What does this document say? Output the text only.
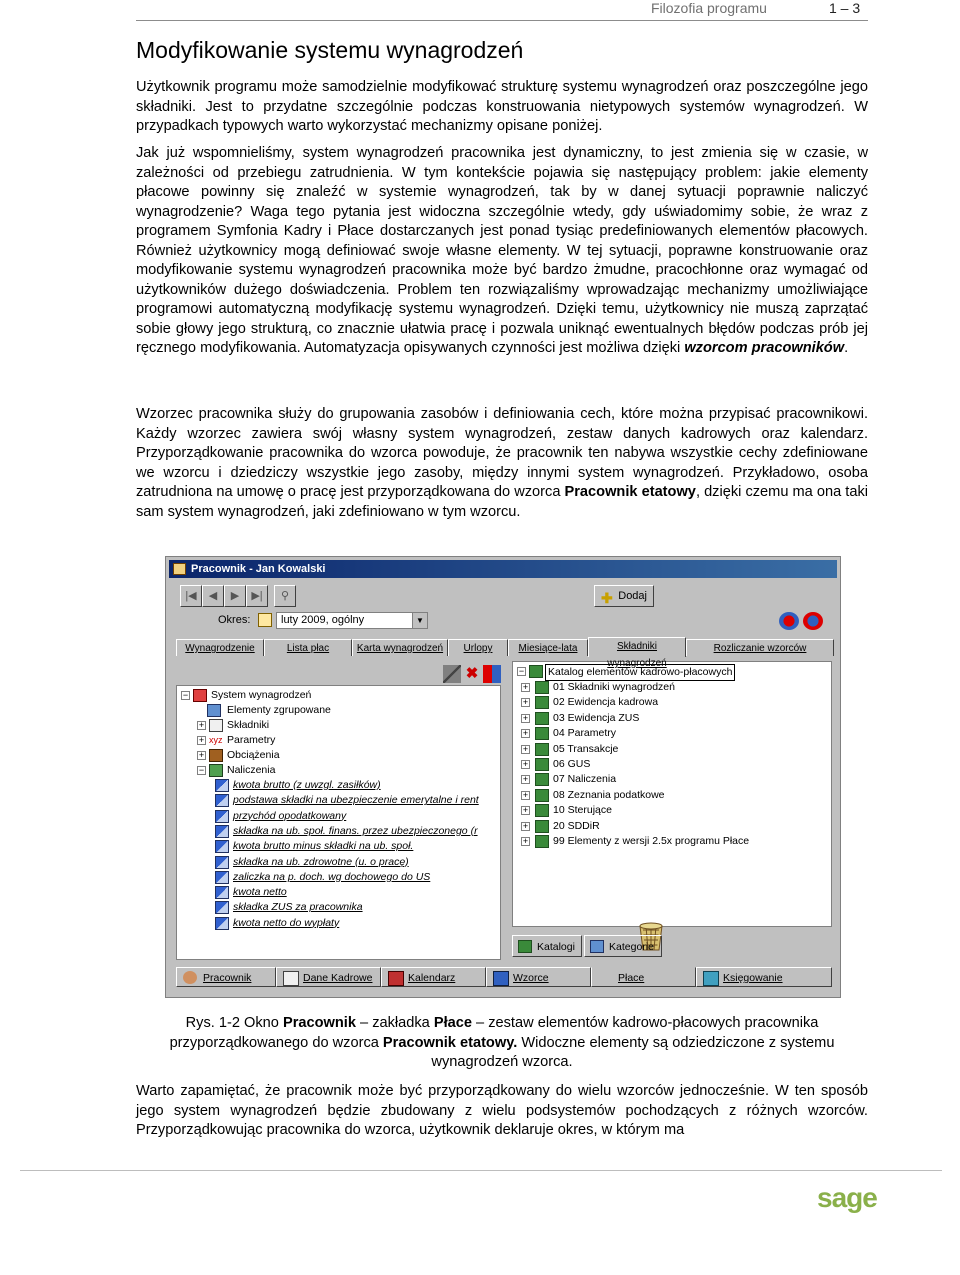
Filozofia programu	1 – 3
Modyfikowanie systemu wynagrodzeń

Użytkownik programu może samodzielnie modyfikować strukturę systemu wynagrodzeń oraz poszczególne jego składniki. Jest to przydatne szczególnie podczas konstruowania nietypowych systemów wynagrodzeń. W przypadkach typowych warto wykorzystać mechanizmy opisane poniżej.

Jak już wspomnieliśmy, system wynagrodzeń pracownika jest dynamiczny, to jest zmienia się w czasie, w zależności od przebiegu zatrudnienia. W tym kontekście pojawia się następujący problem: jakie elementy płacowe powinny się znaleźć w systemie wynagrodzeń, tak by w danej sytuacji poprawnie naliczyć wynagrodzenie? Waga tego pytania jest widoczna szczególnie wtedy, gdy uświadomimy sobie, że wraz z programem Symfonia Kadry i Płace dostarczanych jest ponad tysiąc predefiniowanych elementów płacowych. Również użytkownicy mogą definiować swoje własne elementy. W tej sytuacji, poprawne konstruowanie oraz modyfikowanie systemu wynagrodzeń pracownika może być bardzo żmudne, pracochłonne oraz wymagać od użytkowników dużego doświadczenia. Problem ten rozwiązaliśmy wprowadzając mechanizmy umożliwiające programowi automatyczną modyfikację systemu wynagrodzeń. Dzięki temu, użytkownicy nie muszą zaprzątać sobie głowy jego strukturą, co znacznie ułatwia pracę i pozwala uniknąć ewentualnych błędów podczas prób jej ręcznego modyfikowania. Automatyzacja opisywanych czynności jest możliwa dzięki wzorcom pracowników.

Wzorzec pracownika służy do grupowania zasobów i definiowania cech, które można przypisać pracownikowi. Każdy wzorzec zawiera swój własny system wynagrodzeń, zestaw danych kadrowych oraz kalendarz. Przyporządkowanie pracownika do wzorca powoduje, że pracownik ten nabywa wszystkie cechy zdefiniowane we wzorcu i dziedziczy wszystkie jego zasoby, między innymi system wynagrodzeń. Przykładowo, osoba zatrudniona na umowę o pracę jest przyporządkowana do wzorca Pracownik etatowy, dzięki czemu ma ona taki sam system wynagrodzeń, jaki zdefiniowano w tym wzorcu.

Pracownik - Jan Kowalski
|◀	◀	▶	▶|	⚲	✚ Dodaj
Okres:	luty 2009, ogólny	▼
Wynagrodzenie	Lista płac	Karta wynagrodzeń	Urlopy	Miesiące-lata	Składniki wynagrodzeń
Rozliczanie wzorców
✖
− System wynagrodzeń
Elementy zgrupowane
+ Składniki
+ xyz Parametry
+ Obciążenia
− Naliczenia
kwota brutto (z uwzgl. zasiłków)
podstawa składki na ubezpieczenie emerytalne i rent
przychód opodatkowany
składka na ub. społ. finans. przez ubezpieczonego (r
kwota brutto minus składki na ub. społ.
składka na ub. zdrowotne (u. o pracę)
zaliczka na p. doch. wg dochowego do US
kwota netto
składka ZUS za pracownika
kwota netto do wypłaty
− Katalog elementów kadrowo-płacowych
+ 01 Składniki wynagrodzeń
+ 02 Ewidencja kadrowa
+ 03 Ewidencja ZUS
+ 04 Parametry
+ 05 Transakcje
+ 06 GUS
+ 07 Naliczenia
+ 08 Zeznania podatkowe
+ 10 Sterujące
+ 20 SDDiR
+ 99 Elementy z wersji 2.5x programu Płace
Katalogi	Kategorie
Pracownik	Dane Kadrowe	Kalendarz	Wzorce	Płace	Księgowanie

Rys. 1-2 Okno Pracownik – zakładka Płace – zestaw elementów kadrowo-płacowych pracownika przyporządkowanego do wzorca Pracownik etatowy. Widoczne elementy są odziedziczone z systemu wynagrodzeń wzorca.

Warto zapamiętać, że pracownik może być przyporządkowany do wielu wzorców jednocześnie. W ten sposób jego system wynagrodzeń będzie zbudowany z wielu podsystemów pochodzących z różnych wzorców. Przyporządkowując pracownika do wzorca, użytkownik deklaruje okres, w którym ma

sage
